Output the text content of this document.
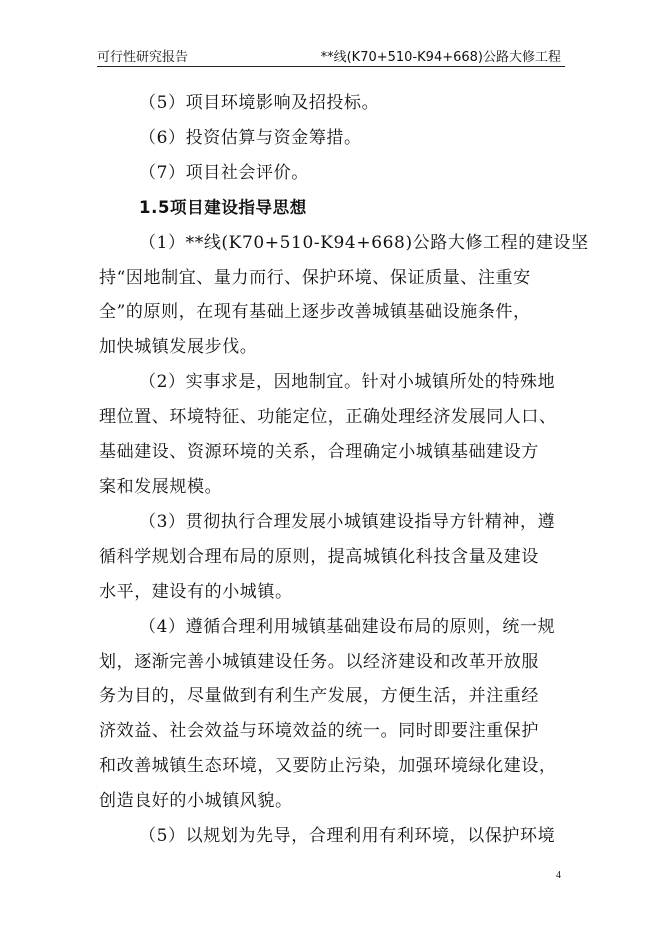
可行性研究报告	**线(K70+510-K94+668)公路大修工程
（5）项目环境影响及招投标。
（6）投资估算与资金筹措。
（7）项目社会评价。
1.5项目建设指导思想
（1）**线(K70+510-K94+668)公路大修工程的建设坚
持“因地制宜、量力而行、保护环境、保证质量、注重安
全”的原则，在现有基础上逐步改善城镇基础设施条件，
加快城镇发展步伐。
（2）实事求是，因地制宜。针对小城镇所处的特殊地
理位置、环境特征、功能定位，正确处理经济发展同人口、
基础建设、资源环境的关系，合理确定小城镇基础建设方
案和发展规模。
（3）贯彻执行合理发展小城镇建设指导方针精神，遵
循科学规划合理布局的原则，提高城镇化科技含量及建设
水平，建设有的小城镇。
（4）遵循合理利用城镇基础建设布局的原则，统一规
划，逐渐完善小城镇建设任务。以经济建设和改革开放服
务为目的，尽量做到有利生产发展，方便生活，并注重经
济效益、社会效益与环境效益的统一。同时即要注重保护
和改善城镇生态环境，又要防止污染，加强环境绿化建设，
创造良好的小城镇风貌。
（5）以规划为先导，合理利用有利环境，以保护环境
4
